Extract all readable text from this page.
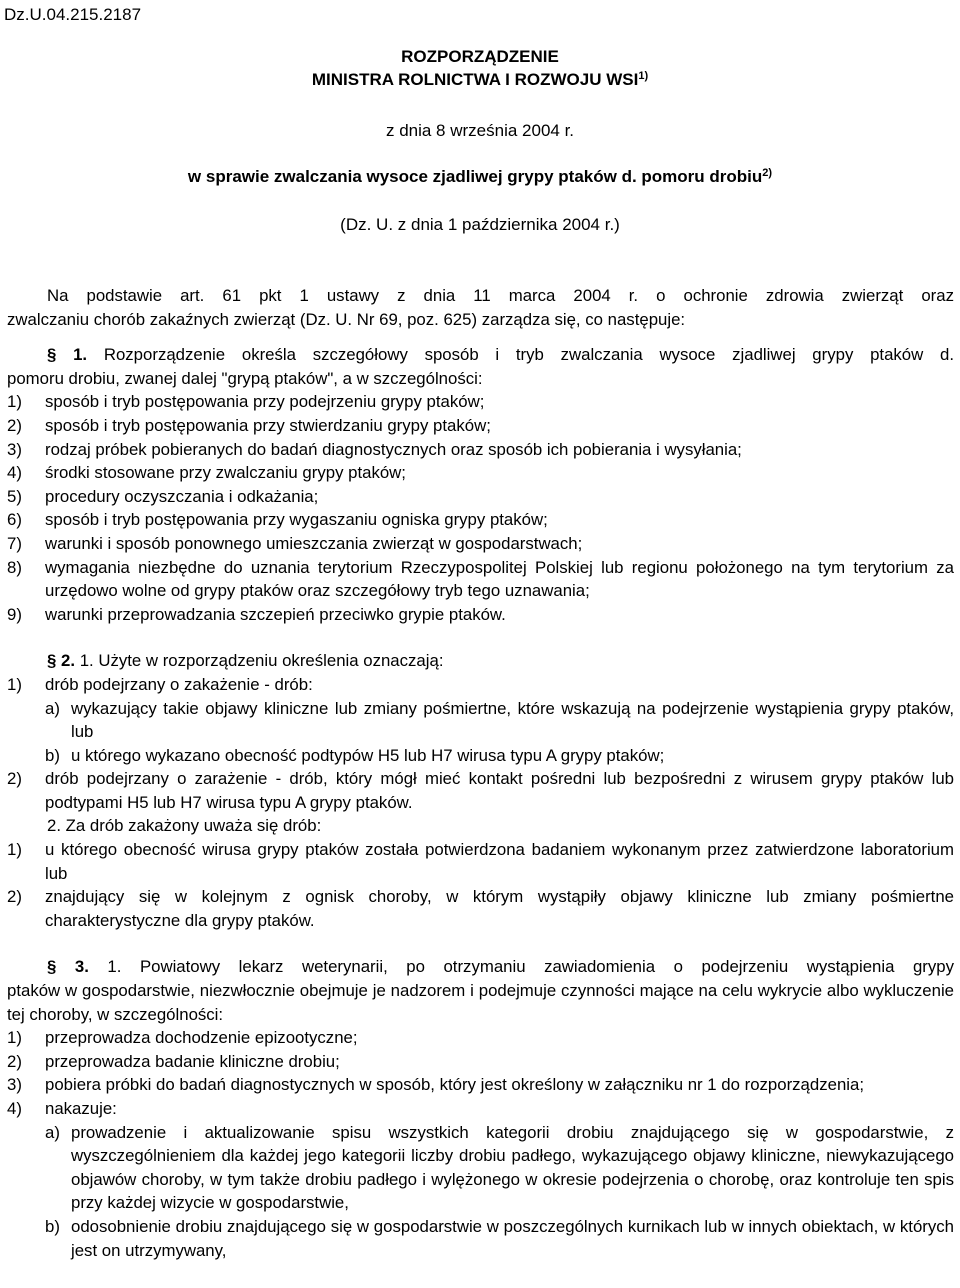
Dz.U.04.215.2187
ROZPORZĄDZENIE
MINISTRA ROLNICTWA I ROZWOJU WSI$^{1)}$
z dnia 8 września 2004 r.
w sprawie zwalczania wysoce zjadliwej grypy ptaków d. pomoru drobiu$^{2)}$
(Dz. U. z dnia 1 października 2004 r.)
Na podstawie art. 61 pkt 1 ustawy z dnia 11 marca 2004 r. o ochronie zdrowia zwierząt oraz
zwalczaniu chorób zakaźnych zwierząt (Dz. U. Nr 69, poz. 625) zarządza się, co następuje:
§ 1. Rozporządzenie określa szczegółowy sposób i tryb zwalczania wysoce zjadliwej grypy ptaków d.
pomoru drobiu, zwanej dalej "grypą ptaków", a w szczególności:
1) sposób i tryb postępowania przy podejrzeniu grypy ptaków;
2) sposób i tryb postępowania przy stwierdzaniu grypy ptaków;
3) rodzaj próbek pobieranych do badań diagnostycznych oraz sposób ich pobierania i wysyłania;
4) środki stosowane przy zwalczaniu grypy ptaków;
5) procedury oczyszczania i odkażania;
6) sposób i tryb postępowania przy wygaszaniu ogniska grypy ptaków;
7) warunki i sposób ponownego umieszczania zwierząt w gospodarstwach;
8) wymagania niezbędne do uznania terytorium Rzeczypospolitej Polskiej lub regionu położonego na tym terytorium za urzędowo wolne od grypy ptaków oraz szczegółowy tryb tego uznawania;
9) warunki przeprowadzania szczepień przeciwko grypie ptaków.
§ 2. 1. Użyte w rozporządzeniu określenia oznaczają:
1) drób podejrzany o zakażenie - drób:
a) wykazujący takie objawy kliniczne lub zmiany pośmiertne, które wskazują na podejrzenie wystąpienia grypy ptaków, lub
b) u którego wykazano obecność podtypów H5 lub H7 wirusa typu A grypy ptaków;
2) drób podejrzany o zarażenie - drób, który mógł mieć kontakt pośredni lub bezpośredni z wirusem grypy ptaków lub podtypami H5 lub H7 wirusa typu A grypy ptaków.
2. Za drób zakażony uważa się drób:
1) u którego obecność wirusa grypy ptaków została potwierdzona badaniem wykonanym przez zatwierdzone laboratorium lub
2) znajdujący się w kolejnym z ognisk choroby, w którym wystąpiły objawy kliniczne lub zmiany pośmiertne charakterystyczne dla grypy ptaków.
§ 3. 1. Powiatowy lekarz weterynarii, po otrzymaniu zawiadomienia o podejrzeniu wystąpienia grypy
ptaków w gospodarstwie, niezwłocznie obejmuje je nadzorem i podejmuje czynności mające na celu wykrycie albo wykluczenie tej choroby, w szczególności:
1) przeprowadza dochodzenie epizootyczne;
2) przeprowadza badanie kliniczne drobiu;
3) pobiera próbki do badań diagnostycznych w sposób, który jest określony w załączniku nr 1 do rozporządzenia;
4) nakazuje:
a) prowadzenie i aktualizowanie spisu wszystkich kategorii drobiu znajdującego się w gospodarstwie, z wyszczególnieniem dla każdej jego kategorii liczby drobiu padłego, wykazującego objawy kliniczne, niewykazującego objawów choroby, w tym także drobiu padłego i wylężonego w okresie podejrzenia o chorobę, oraz kontroluje ten spis przy każdej wizycie w gospodarstwie,
b) odosobnienie drobiu znajdującego się w gospodarstwie w poszczególnych kurnikach lub w innych obiektach, w których jest on utrzymywany,
